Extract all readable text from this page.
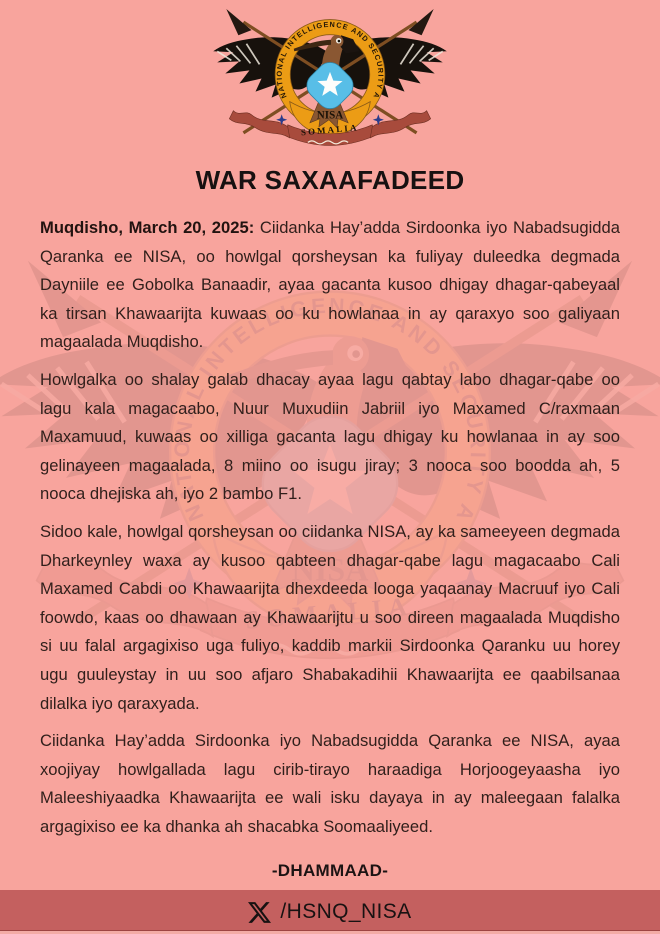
WAR SAXAAFADEED

Muqdisho, March 20, 2025: Ciidanka Hay’adda Sirdoonka iyo Nabadsugidda Qaranka ee NISA, oo howlgal qorsheysan ka fuliyay duleedka degmada Dayniile ee Gobolka Banaadir, ayaa gacanta kusoo dhigay dhagar-qabeyaal ka tirsan Khawaarijta kuwaas oo ku howlanaa in ay qaraxyo soo galiyaan magaalada Muqdisho.

Howlgalka oo shalay galab dhacay ayaa lagu qabtay labo dhagar-qabe oo lagu kala magacaabo, Nuur Muxudiin Jabriil iyo Maxamed C/raxmaan Maxamuud, kuwaas oo xilliga gacanta lagu dhigay ku howlanaa in ay soo gelinayeen magaalada, 8 miino oo isugu jiray; 3 nooca soo boodda ah, 5 nooca dhejiska ah, iyo 2 bambo F1.

Sidoo kale, howlgal qorsheysan oo ciidanka NISA, ay ka sameeyeen degmada Dharkeynley waxa ay kusoo qabteen dhagar-qabe lagu magacaabo Cali Maxamed Cabdi oo Khawaarijta dhexdeeda looga yaqaanay Macruuf iyo Cali foowdo, kaas oo dhawaan ay Khawaarijtu u soo direen magaalada Muqdisho si uu falal argagixiso uga fuliyo, kaddib markii Sirdoonka Qaranku uu horey ugu guuleystay in uu soo afjaro Shabakadihii Khawaarijta ee qaabilsanaa dilalka iyo qaraxyada.

Ciidanka Hay’adda Sirdoonka iyo Nabadsugidda Qaranka ee NISA, ayaa xoojiyay howlgallada lagu cirib-tirayo haraadiga Horjoogeyaasha iyo Maleeshiyaadka Khawaarijta ee wali isku dayaya in ay maleegaan falalka argagixiso ee ka dhanka ah shacabka Soomaaliyeed.

-DHAMMAAD-
/HSNQ_NISA
